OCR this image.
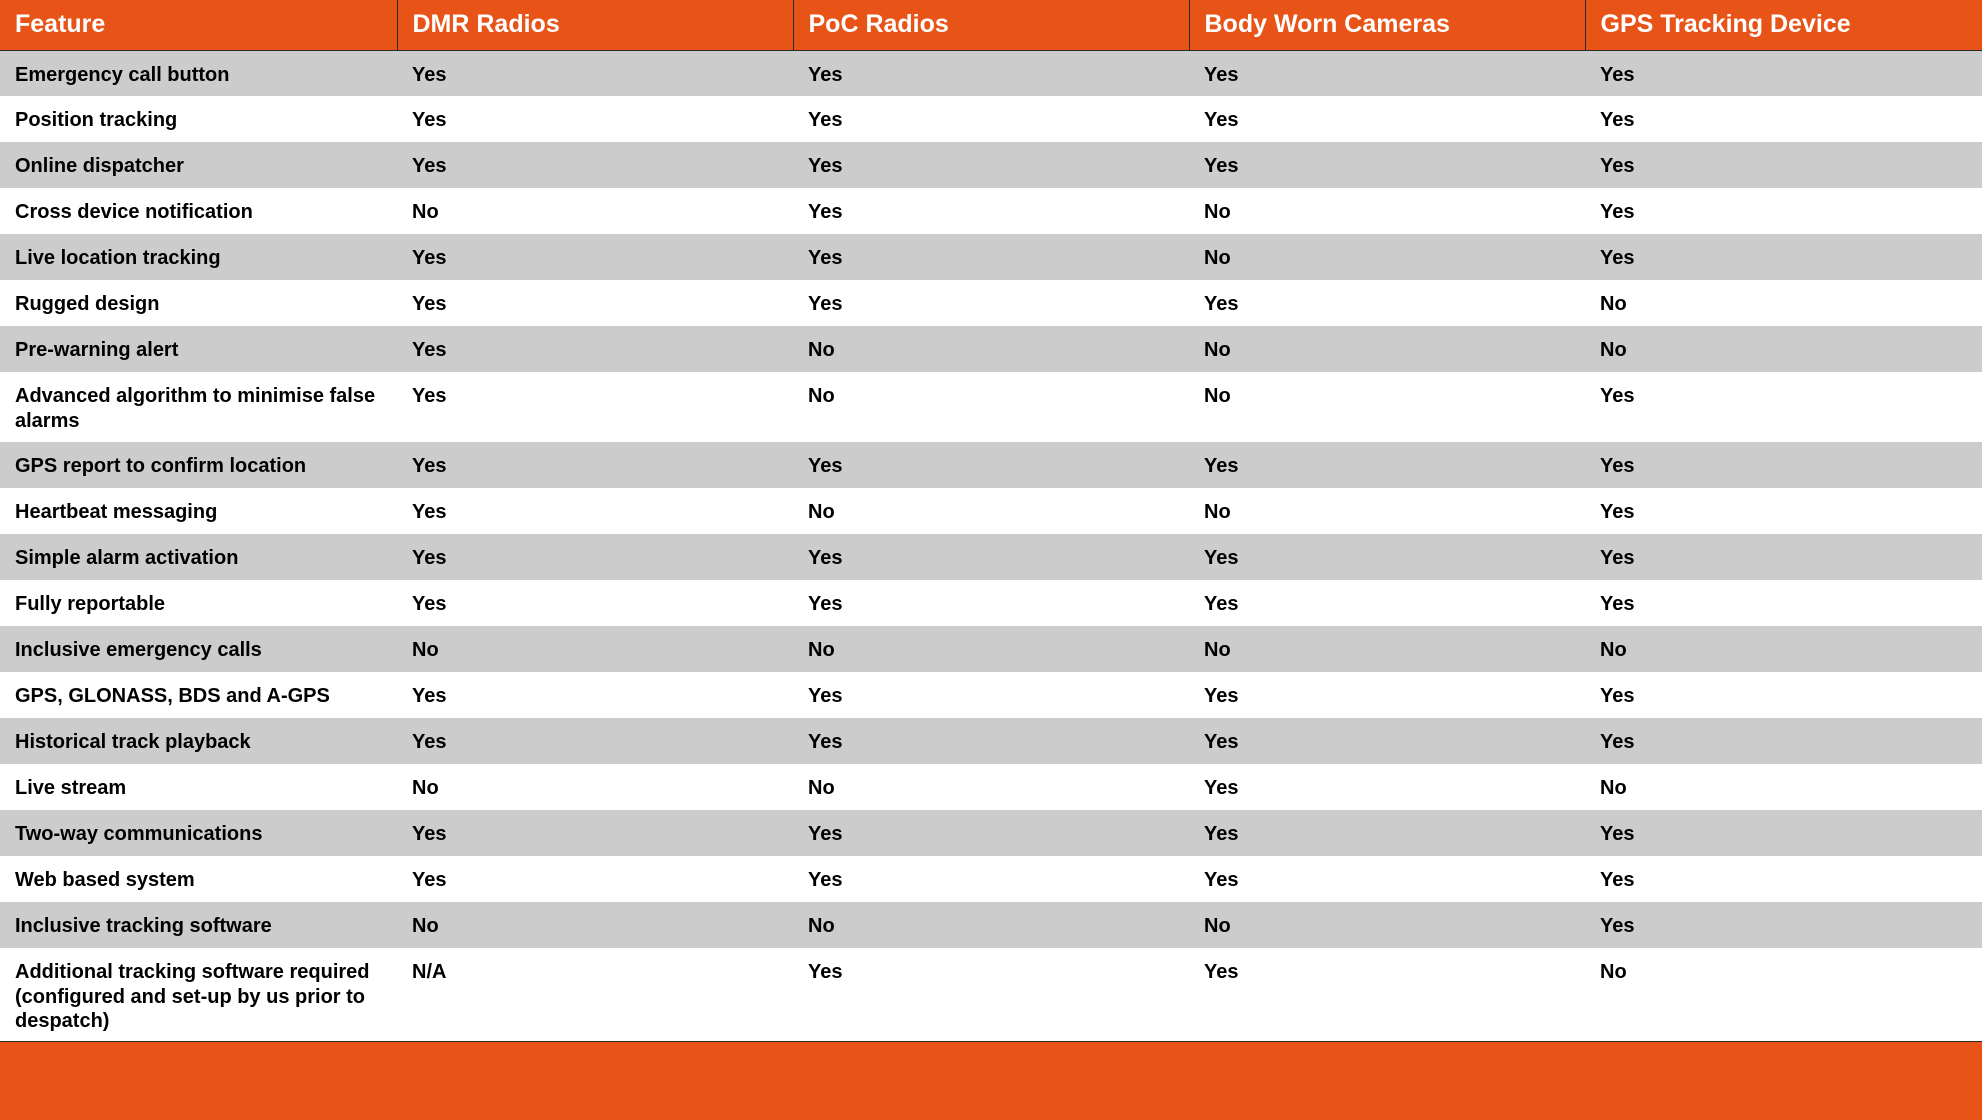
Feature	DMR Radios	PoC Radios	Body Worn Cameras	GPS Tracking Device
Emergency call button	Yes	Yes	Yes	Yes
Position tracking	Yes	Yes	Yes	Yes
Online dispatcher	Yes	Yes	Yes	Yes
Cross device notification	No	Yes	No	Yes
Live location tracking	Yes	Yes	No	Yes
Rugged design	Yes	Yes	Yes	No
Pre-warning alert	Yes	No	No	No
Advanced algorithm to minimise false alarms	Yes	No	No	Yes
GPS report to confirm location	Yes	Yes	Yes	Yes
Heartbeat messaging	Yes	No	No	Yes
Simple alarm activation	Yes	Yes	Yes	Yes
Fully reportable	Yes	Yes	Yes	Yes
Inclusive emergency calls	No	No	No	No
GPS, GLONASS, BDS and A-GPS	Yes	Yes	Yes	Yes
Historical track playback	Yes	Yes	Yes	Yes
Live stream	No	No	Yes	No
Two-way communications	Yes	Yes	Yes	Yes
Web based system	Yes	Yes	Yes	Yes
Inclusive tracking software	No	No	No	Yes
Additional tracking software required (configured and set-up by us prior to despatch)	N/A	Yes	Yes	No
